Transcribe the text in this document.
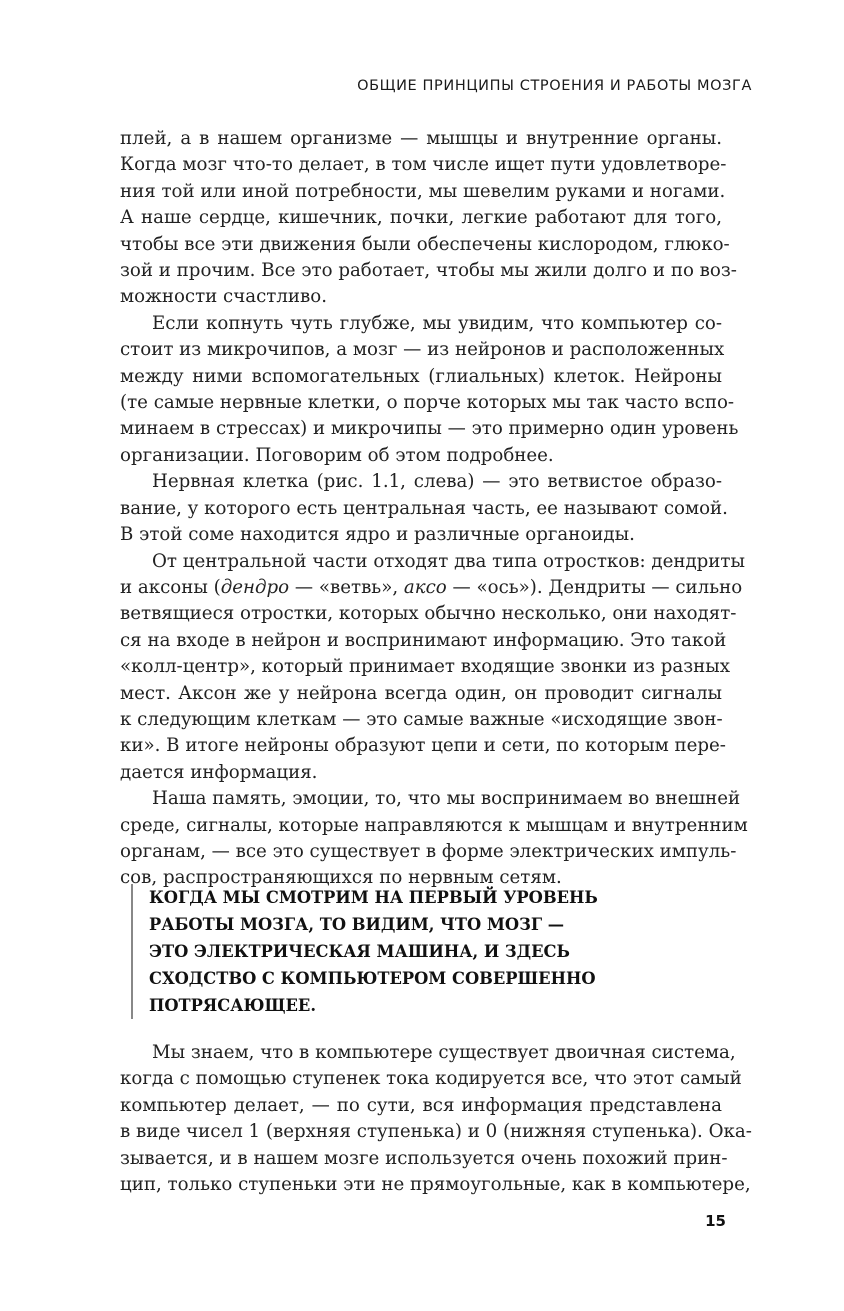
ОБЩИЕ ПРИНЦИПЫ СТРОЕНИЯ И РАБОТЫ МОЗГА

плей, а в нашем организме — мышцы и внутренние органы.
Когда мозг что-то делает, в том числе ищет пути удовлетворе-
ния той или иной потребности, мы шевелим руками и ногами.
А наше сердце, кишечник, почки, легкие работают для того,
чтобы все эти движения были обеспечены кислородом, глюко-
зой и прочим. Все это работает, чтобы мы жили долго и по воз-
можности счастливо.

Если копнуть чуть глубже, мы увидим, что компьютер со-
стоит из микрочипов, а мозг — из нейронов и расположенных
между ними вспомогательных (глиальных) клеток. Нейроны
(те самые нервные клетки, о порче которых мы так часто вспо-
минаем в стрессах) и микрочипы — это примерно один уровень
организации. Поговорим об этом подробнее.

Нервная клетка (рис. 1.1, слева) — это ветвистое образо-
вание, у которого есть центральная часть, ее называют сомой.
В этой соме находится ядро и различные органоиды.

От центральной части отходят два типа отростков: дендриты
и аксоны (дендро — «ветвь», аксо — «ось»). Дендриты — сильно
ветвящиеся отростки, которых обычно несколько, они находят-
ся на входе в нейрон и воспринимают информацию. Это такой
«колл-центр», который принимает входящие звонки из разных
мест. Аксон же у нейрона всегда один, он проводит сигналы
к следующим клеткам — это самые важные «исходящие звон-
ки». В итоге нейроны образуют цепи и сети, по которым пере-
дается информация.

Наша память, эмоции, то, что мы воспринимаем во внешней
среде, сигналы, которые направляются к мышцам и внутренним
органам, — все это существует в форме электрических импуль-
сов, распространяющихся по нервным сетям.

КОГДА МЫ СМОТРИМ НА ПЕРВЫЙ УРОВЕНЬ
РАБОТЫ МОЗГА, ТО ВИДИМ, ЧТО МОЗГ —
ЭТО ЭЛЕКТРИЧЕСКАЯ МАШИНА, И ЗДЕСЬ
СХОДСТВО С КОМПЬЮТЕРОМ СОВЕРШЕННО
ПОТРЯСАЮЩЕЕ.

Мы знаем, что в компьютере существует двоичная система,
когда с помощью ступенек тока кодируется все, что этот самый
компьютер делает, — по сути, вся информация представлена
в виде чисел 1 (верхняя ступенька) и 0 (нижняя ступенька). Ока-
зывается, и в нашем мозге используется очень похожий прин-
цип, только ступеньки эти не прямоугольные, как в компьютере,

15
